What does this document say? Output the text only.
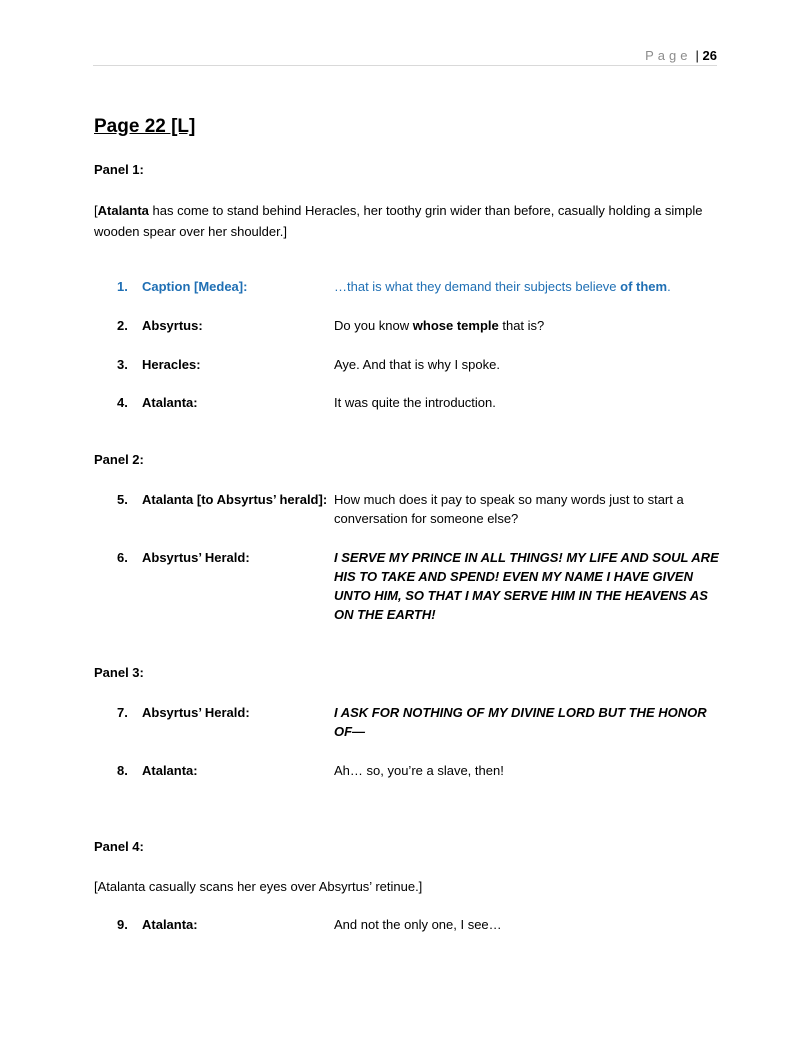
Page | 26
Page 22 [L]
Panel 1:
[Atalanta has come to stand behind Heracles, her toothy grin wider than before, casually holding a simple wooden spear over her shoulder.]
1. Caption [Medea]:	…that is what they demand their subjects believe of them.
2. Absyrtus:	Do you know whose temple that is?
3. Heracles:	Aye. And that is why I spoke.
4. Atalanta:	It was quite the introduction.
Panel 2:
5. Atalanta [to Absyrtus’ herald]: How much does it pay to speak so many words just to start a conversation for someone else?
6. Absyrtus’ Herald:	I SERVE MY PRINCE IN ALL THINGS! MY LIFE AND SOUL ARE HIS TO TAKE AND SPEND! EVEN MY NAME I HAVE GIVEN UNTO HIM, SO THAT I MAY SERVE HIM IN THE HEAVENS AS ON THE EARTH!
Panel 3:
7. Absyrtus’ Herald:	I ASK FOR NOTHING OF MY DIVINE LORD BUT THE HONOR OF—
8. Atalanta:	Ah… so, you’re a slave, then!
Panel 4:
[Atalanta casually scans her eyes over Absyrtus’ retinue.]
9. Atalanta:	And not the only one, I see…
